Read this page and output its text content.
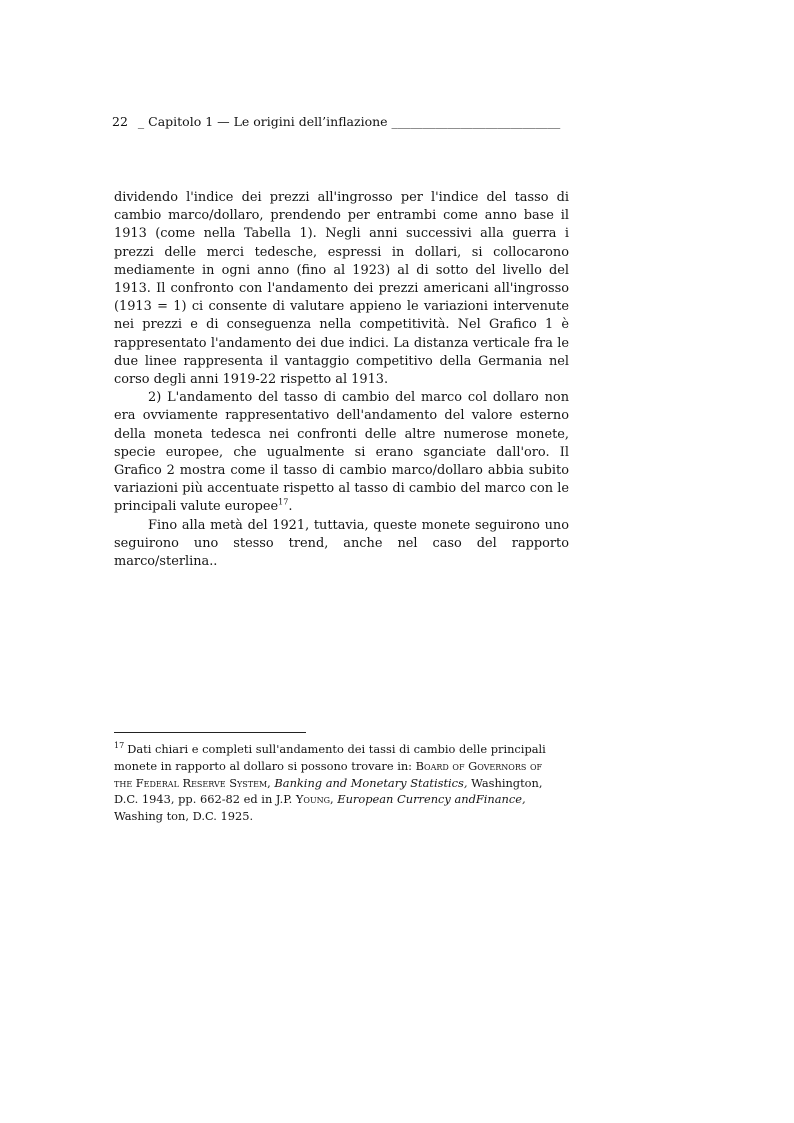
22 _ Capitolo 1 — Le origini dell’inflazione ___________________________

dividendo l'indice dei prezzi all'ingrosso per l'indice del tasso di cambio marco/dollaro, prendendo per entrambi come anno base il 1913 (come nella Tabella 1). Negli anni successivi alla guerra i prezzi delle merci tedesche, espressi in dollari, si collocarono mediamente in ogni anno (fino al 1923) al di sotto del livello del 1913. Il confronto con l'andamento dei prezzi americani all'ingrosso (1913 = 1) ci consente di valutare appieno le variazioni intervenute nei prezzi e di conseguenza nella competitività. Nel Grafico 1 è rappresentato l'andamento dei due indici. La distanza verticale fra le due linee rappresenta il vantaggio competitivo della Germania nel corso degli anni 1919-22 rispetto al 1913.

2) L'andamento del tasso di cambio del marco col dollaro non era ovviamente rappresentativo dell'andamento del valore esterno della moneta tedesca nei confronti delle altre numerose monete, specie europee, che ugualmente si erano sganciate dall'oro. Il Grafico 2 mostra come il tasso di cambio marco/dollaro abbia subito variazioni più accentuate rispetto al tasso di cambio del marco con le principali valute europee$^{17}$.

Fino alla metà del 1921, tuttavia, queste monete seguirono uno seguirono uno stesso trend, anche nel caso del rapporto marco/sterlina..

$^{17}$ Dati chiari e completi sull'andamento dei tassi di cambio delle principali monete in rapporto al dollaro si possono trovare in: Board of Governors of the Federal Reserve System, Banking and Monetary Statistics, Washington, D.C. 1943, pp. 662-82 ed in J.P. Young, European Currency andFinance, Washing ton, D.C. 1925.
